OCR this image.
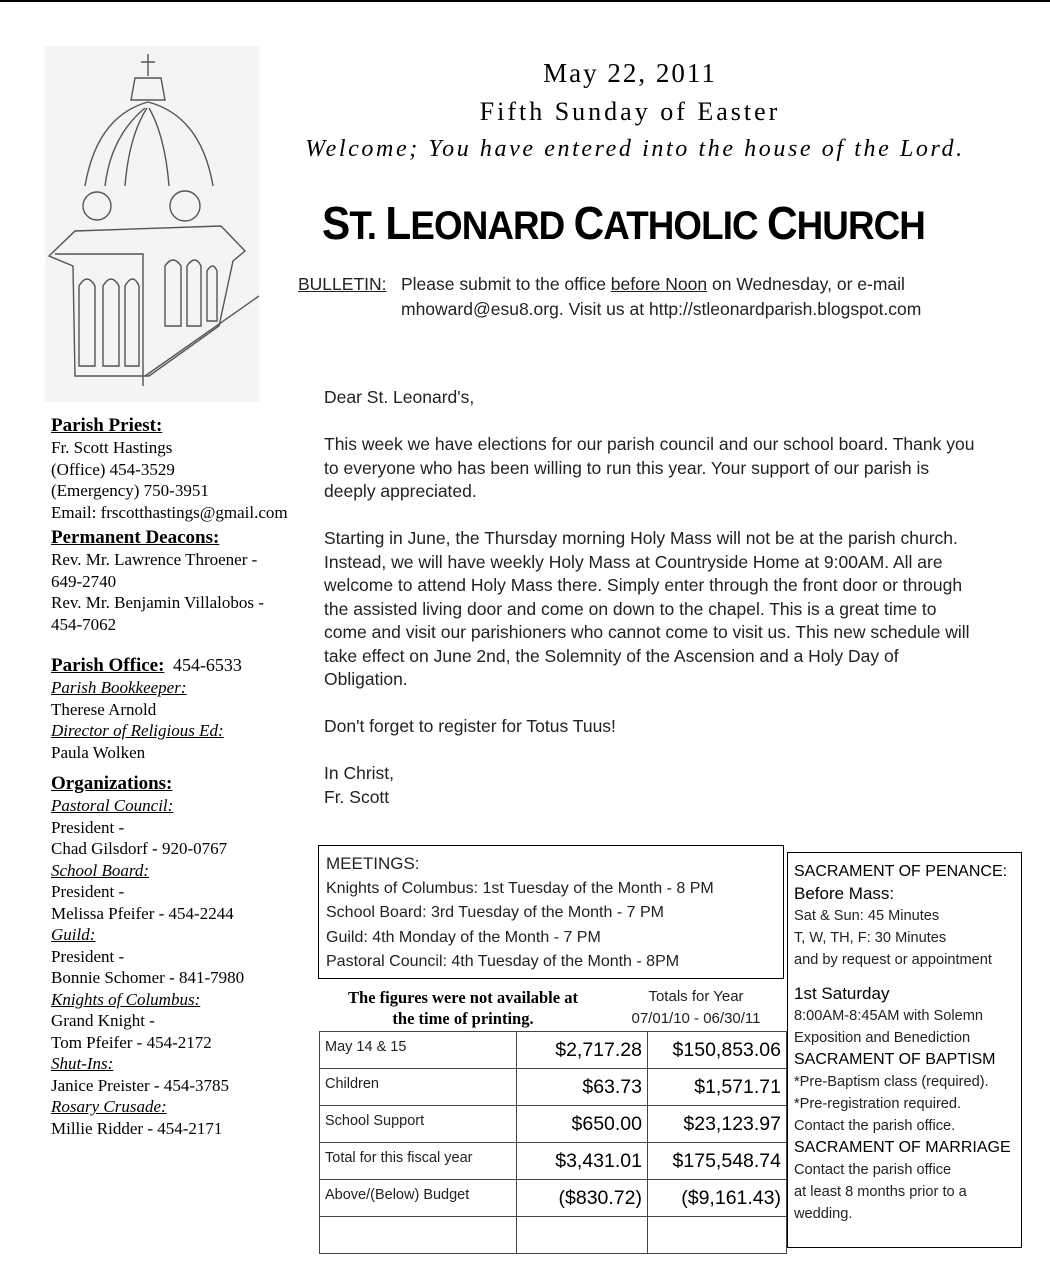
May 22, 2011
Fifth Sunday of Easter
Welcome; You have entered into the house of the Lord.
ST. LEONARD CATHOLIC CHURCH
BULLETIN: Please submit to the office before Noon on Wednesday, or e-mail
mhoward@esu8.org. Visit us at http://stleonardparish.blogspot.com
Parish Priest:
Fr. Scott Hastings
(Office) 454-3529
(Emergency) 750-3951
Email: frscotthastings@gmail.com
Permanent Deacons:
Rev. Mr. Lawrence Throener -
649-2740
Rev. Mr. Benjamin Villalobos -
454-7062
Parish Office: 454-6533
Parish Bookkeeper:
Therese Arnold
Director of Religious Ed:
Paula Wolken
Organizations:
Pastoral Council:
President -
Chad Gilsdorf - 920-0767
School Board:
President -
Melissa Pfeifer - 454-2244
Guild:
President -
Bonnie Schomer - 841-7980
Knights of Columbus:
Grand Knight -
Tom Pfeifer - 454-2172
Shut-Ins:
Janice Preister - 454-3785
Rosary Crusade:
Millie Ridder - 454-2171

Dear St. Leonard's,

This week we have elections for our parish council and our school board. Thank you to everyone who has been willing to run this year. Your support of our parish is deeply appreciated.

Starting in June, the Thursday morning Holy Mass will not be at the parish church. Instead, we will have weekly Holy Mass at Countryside Home at 9:00AM. All are welcome to attend Holy Mass there. Simply enter through the front door or through the assisted living door and come on down to the chapel. This is a great time to come and visit our parishioners who cannot come to visit us. This new schedule will take effect on June 2nd, the Solemnity of the Ascension and a Holy Day of Obligation.

Don't forget to register for Totus Tuus!

In Christ,

Fr. Scott

MEETINGS:
Knights of Columbus: 1st Tuesday of the Month - 8 PM
School Board: 3rd Tuesday of the Month - 7 PM
Guild: 4th Monday of the Month - 7 PM
Pastoral Council: 4th Tuesday of the Month - 8PM
SACRAMENT OF PENANCE:
Before Mass:
Sat & Sun: 45 Minutes
T, W, TH, F: 30 Minutes
and by request or appointment
1st Saturday
8:00AM-8:45AM with Solemn
Exposition and Benediction
SACRAMENT OF BAPTISM
*Pre-Baptism class (required).
*Pre-registration required.
Contact the parish office.
SACRAMENT OF MARRIAGE
Contact the parish office
at least 8 months prior to a
wedding.
The figures were not available at
the time of printing.
Totals for Year
07/01/10 - 06/30/11
May 14 & 15	$2,717.28	$150,853.06
Children	$63.73	$1,571.71
School Support	$650.00	$23,123.97
Total for this fiscal year	$3,431.01	$175,548.74
Above/(Below) Budget	($830.72)	($9,161.43)
